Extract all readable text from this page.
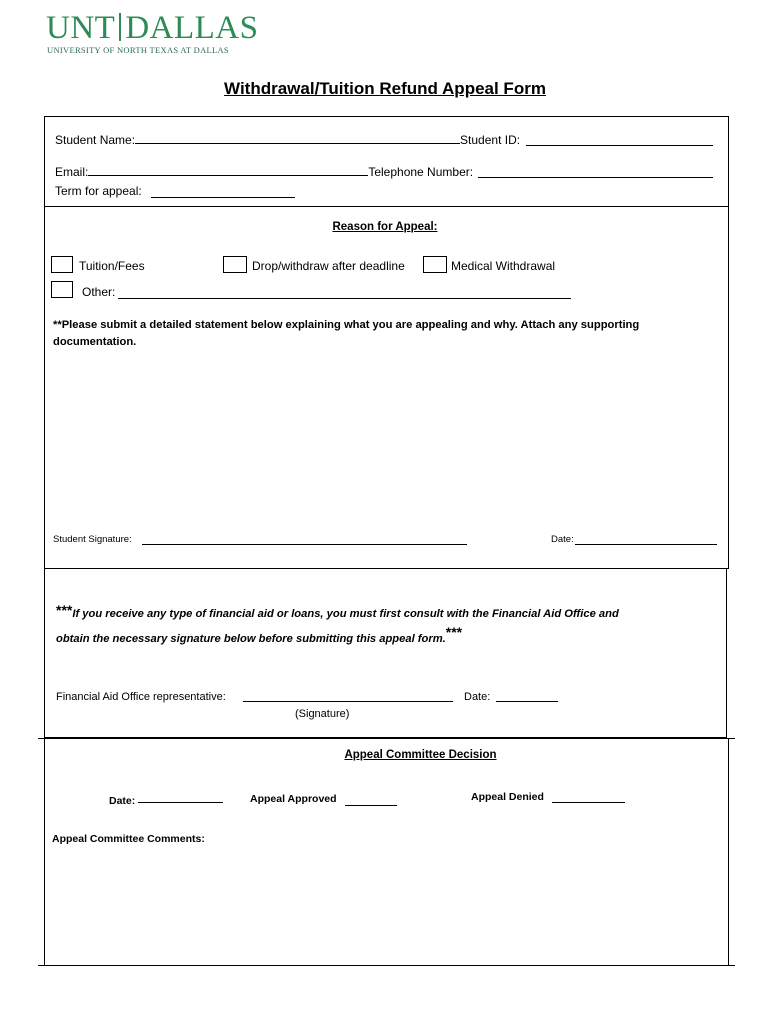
UNT DALLAS
UNIVERSITY OF NORTH TEXAS AT DALLAS
Withdrawal/Tuition Refund Appeal Form
Student Name:	Student ID:
Email:	Telephone Number:
Term for appeal:
Reason for Appeal:
Tuition/Fees	Drop/withdraw after deadline	Medical Withdrawal
Other:
**Please submit a detailed statement below explaining what you are appealing and why. Attach any supporting
documentation.
Student Signature:	Date:
***If you receive any type of financial aid or loans, you must first consult with the Financial Aid Office and
obtain the necessary signature below before submitting this appeal form.***
Financial Aid Office representative:	Date:
(Signature)
Appeal Committee Decision
Date:	Appeal Approved	Appeal Denied
Appeal Committee Comments:
